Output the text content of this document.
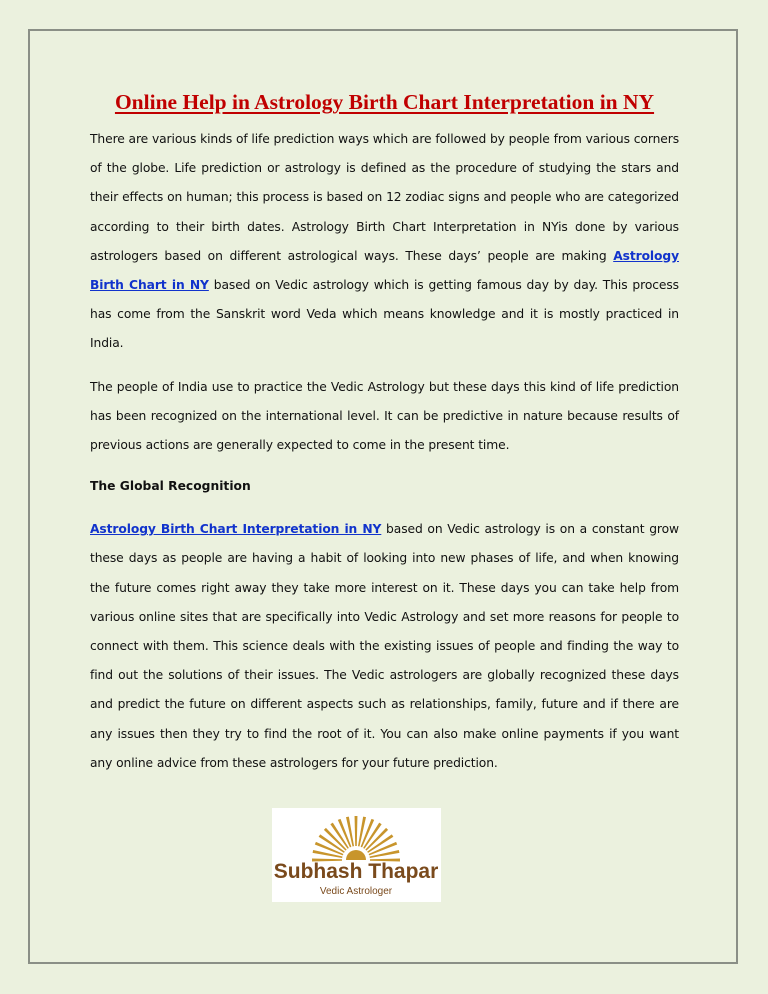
Online Help in Astrology Birth Chart Interpretation in NY

There are various kinds of life prediction ways which are followed by people from various corners of the globe. Life prediction or astrology is defined as the procedure of studying the stars and their effects on human; this process is based on 12 zodiac signs and people who are categorized according to their birth dates. Astrology Birth Chart Interpretation in NYis done by various astrologers based on different astrological ways. These days’ people are making Astrology Birth Chart in NY based on Vedic astrology which is getting famous day by day. This process has come from the Sanskrit word Veda which means knowledge and it is mostly practiced in India.

The people of India use to practice the Vedic Astrology but these days this kind of life prediction has been recognized on the international level. It can be predictive in nature because results of previous actions are generally expected to come in the present time.

The Global Recognition

Astrology Birth Chart Interpretation in NY based on Vedic astrology is on a constant grow these days as people are having a habit of looking into new phases of life, and when knowing the future comes right away they take more interest on it. These days you can take help from various online sites that are specifically into Vedic Astrology and set more reasons for people to connect with them. This science deals with the existing issues of people and finding the way to find out the solutions of their issues. The Vedic astrologers are globally recognized these days and predict the future on different aspects such as relationships, family, future and if there are any issues then they try to find the root of it. You can also make online payments if you want any online advice from these astrologers for your future prediction.

Subhash Thapar
Vedic Astrologer
